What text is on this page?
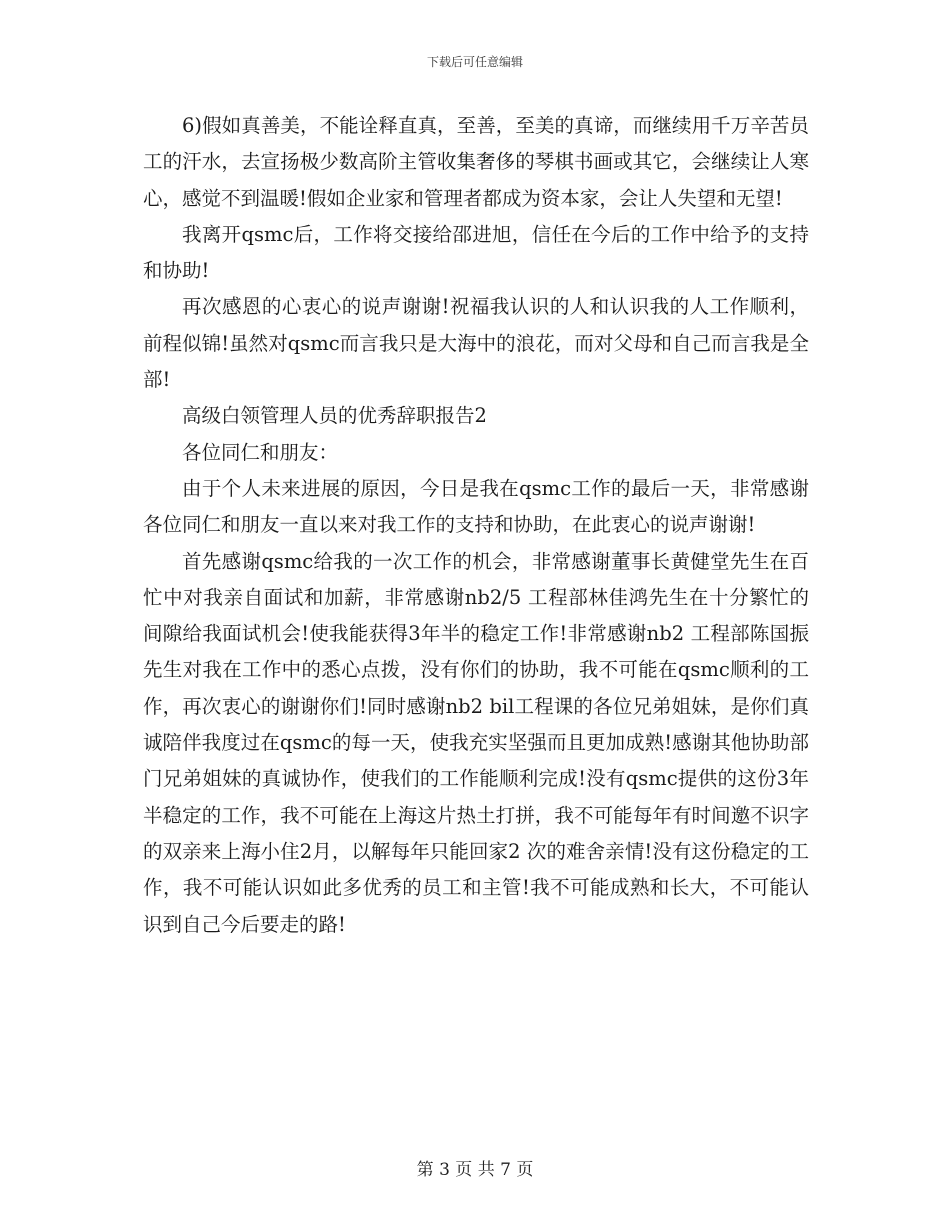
下载后可任意编辑

6)假如真善美，不能诠释直真，至善，至美的真谛，而继续用千万辛苦员工的汗水，去宣扬极少数高阶主管收集奢侈的琴棋书画或其它，会继续让人寒心，感觉不到温暖!假如企业家和管理者都成为资本家，会让人失望和无望!

我离开qsmc后，工作将交接给邵进旭，信任在今后的工作中给予的支持和协助!

再次感恩的心衷心的说声谢谢!祝福我认识的人和认识我的人工作顺利，前程似锦!虽然对qsmc而言我只是大海中的浪花，而对父母和自己而言我是全部!

高级白领管理人员的优秀辞职报告2

各位同仁和朋友：

由于个人未来进展的原因，今日是我在qsmc工作的最后一天，非常感谢各位同仁和朋友一直以来对我工作的支持和协助，在此衷心的说声谢谢!

首先感谢qsmc给我的一次工作的机会，非常感谢董事长黄健堂先生在百忙中对我亲自面试和加薪，非常感谢nb2/5 工程部林佳鸿先生在十分繁忙的间隙给我面试机会!使我能获得3年半的稳定工作!非常感谢nb2 工程部陈国振先生对我在工作中的悉心点拨，没有你们的协助，我不可能在qsmc顺利的工作，再次衷心的谢谢你们!同时感谢nb2 bil工程课的各位兄弟姐妹，是你们真诚陪伴我度过在qsmc的每一天，使我充实坚强而且更加成熟!感谢其他协助部门兄弟姐妹的真诚协作，使我们的工作能顺利完成!没有qsmc提供的这份3年半稳定的工作，我不可能在上海这片热土打拼，我不可能每年有时间邀不识字的双亲来上海小住2月，以解每年只能回家2 次的难舍亲情!没有这份稳定的工作，我不可能认识如此多优秀的员工和主管!我不可能成熟和长大，不可能认识到自己今后要走的路!

第 3 页 共 7 页
